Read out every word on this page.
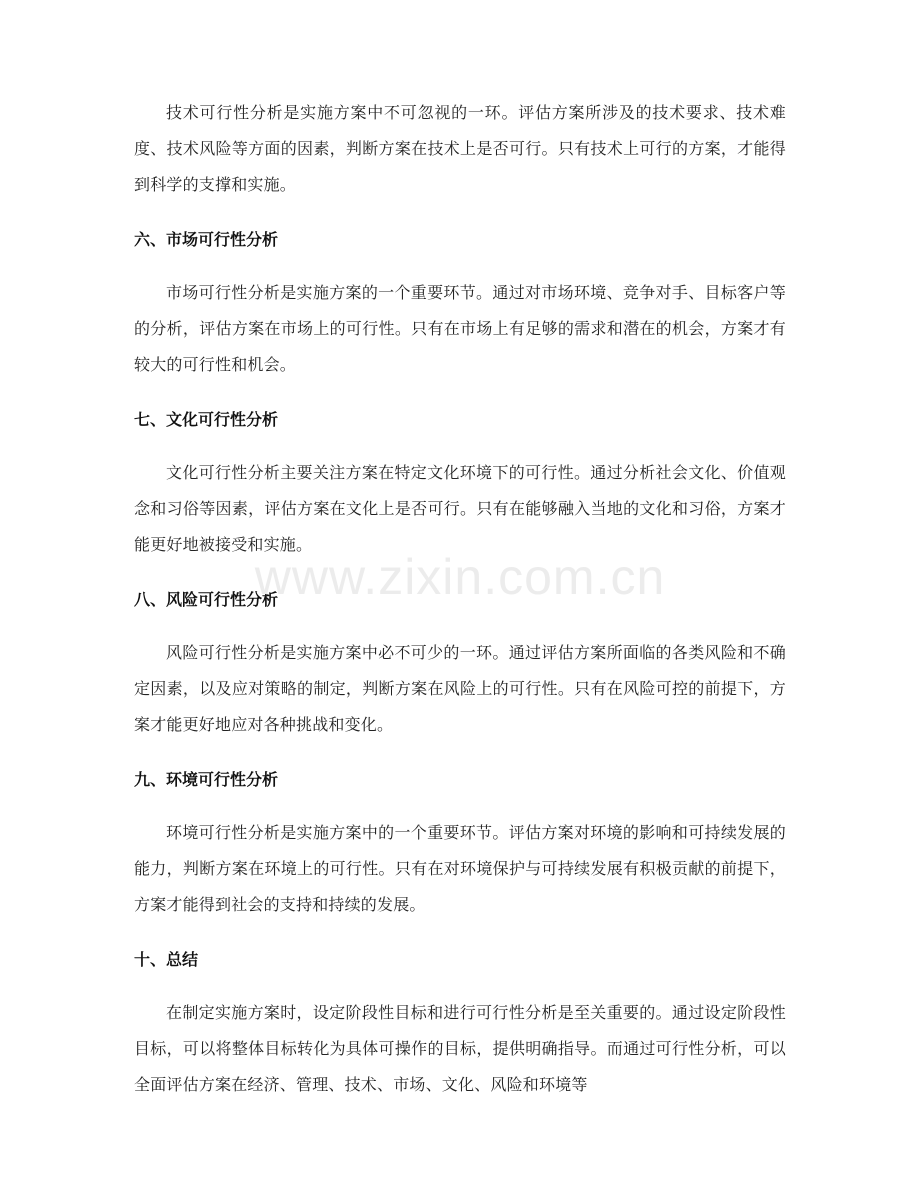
技术可行性分析是实施方案中不可忽视的一环。评估方案所涉及的技术要求、技术难度、技术风险等方面的因素，判断方案在技术上是否可行。只有技术上可行的方案，才能得到科学的支撑和实施。

六、市场可行性分析

市场可行性分析是实施方案的一个重要环节。通过对市场环境、竞争对手、目标客户等的分析，评估方案在市场上的可行性。只有在市场上有足够的需求和潜在的机会，方案才有较大的可行性和机会。

七、文化可行性分析

文化可行性分析主要关注方案在特定文化环境下的可行性。通过分析社会文化、价值观念和习俗等因素，评估方案在文化上是否可行。只有在能够融入当地的文化和习俗，方案才能更好地被接受和实施。

八、风险可行性分析

风险可行性分析是实施方案中必不可少的一环。通过评估方案所面临的各类风险和不确定因素，以及应对策略的制定，判断方案在风险上的可行性。只有在风险可控的前提下，方案才能更好地应对各种挑战和变化。

九、环境可行性分析

环境可行性分析是实施方案中的一个重要环节。评估方案对环境的影响和可持续发展的能力，判断方案在环境上的可行性。只有在对环境保护与可持续发展有积极贡献的前提下，方案才能得到社会的支持和持续的发展。

十、总结

在制定实施方案时，设定阶段性目标和进行可行性分析是至关重要的。通过设定阶段性目标，可以将整体目标转化为具体可操作的目标，提供明确指导。而通过可行性分析，可以全面评估方案在经济、管理、技术、市场、文化、风险和环境等

www.zixin.com.cn
